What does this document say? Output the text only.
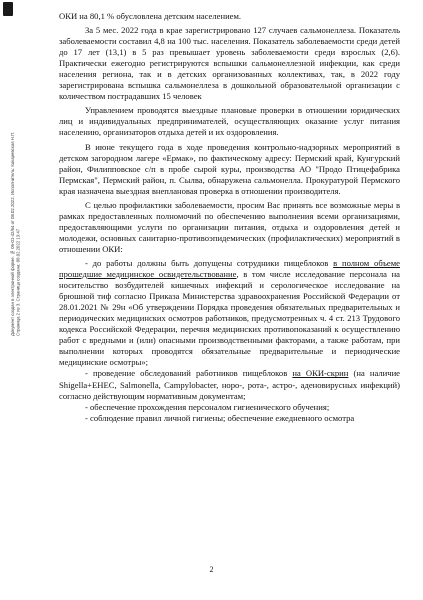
Документ создан в электронной форме. № 06-01-42/64 от 08.02.2022. Исполнитель: Кокаревская Н.П. Страница 2 из 3. Страница создана: 08.02.2022 13:47

ОКИ на 80,1 % обусловлена детским населением.

За 5 мес. 2022 года в крае зарегистрировано 127 случаев сальмонеллеза. Показатель заболеваемости составил 4,8 на 100 тыс. населения. Показатель заболеваемости среди детей до 17 лет (13,1) в 5 раз превышает уровень заболеваемости среди взрослых (2,6). Практически ежегодно регистрируются вспышки сальмонеллезной инфекции, как среди населения региона, так и в детских организованных коллективах, так, в 2022 году зарегистрирована вспышка сальмонеллеза в дошкольной образовательной организации с количеством пострадавших 15 человек

Управлением проводятся выездные плановые проверки в отношении юридических лиц и индивидуальных предпринимателей, осуществляющих оказание услуг питания населению, организаторов отдыха детей и их оздоровления.

В июне текущего года в ходе проведения контрольно-надзорных мероприятий в детском загородном лагере «Ермак», по фактическому адресу: Пермский край, Кунгурский район, Филипповское с/п в пробе сырой куры, производства АО "Продо Птицефабрика Пермская", Пермский район, п. Сылва, обнаружена сальмонелла. Прокуратурой Пермского края назначена выездная внеплановая проверка в отношении производителя.

С целью профилактики заболеваемости, просим Вас принять все возможные меры в рамках предоставленных полномочий по обеспечению выполнения всеми организациями, предоставляющими услуги по организации питания, отдыха и оздоровления детей и молодежи, основных санитарно-противоэпидемических (профилактических) мероприятий в отношении ОКИ:

- до работы должны быть допущены сотрудники пищеблоков в полном объеме прошедшие медицинское освидетельствование, в том числе исследование персонала на носительство возбудителей кишечных инфекций и серологическое исследование на брюшной тиф согласно Приказа Министерства здравоохранения Российской Федерации от 28.01.2021 № 29н «Об утверждении Порядка проведения обязательных предварительных и периодических медицинских осмотров работников, предусмотренных ч. 4 ст. 213 Трудового кодекса Российской Федерации, перечня медицинских противопоказаний к осуществлению работ с вредными и (или) опасными производственными факторами, а также работам, при выполнении которых проводятся обязательные предварительные и периодические медицинские осмотры»;

- проведение обследований работников пищеблоков на ОКИ-скрин (на наличие Shigella+EHEC, Salmonella, Campylobacter, норо-, рота-, астро-, аденовирусных инфекций) согласно действующим нормативным документам;

- обеспечение прохождения персоналом гигиенического обучения;

- соблюдение правил личной гигиены; обеспечение ежедневного осмотра

2
